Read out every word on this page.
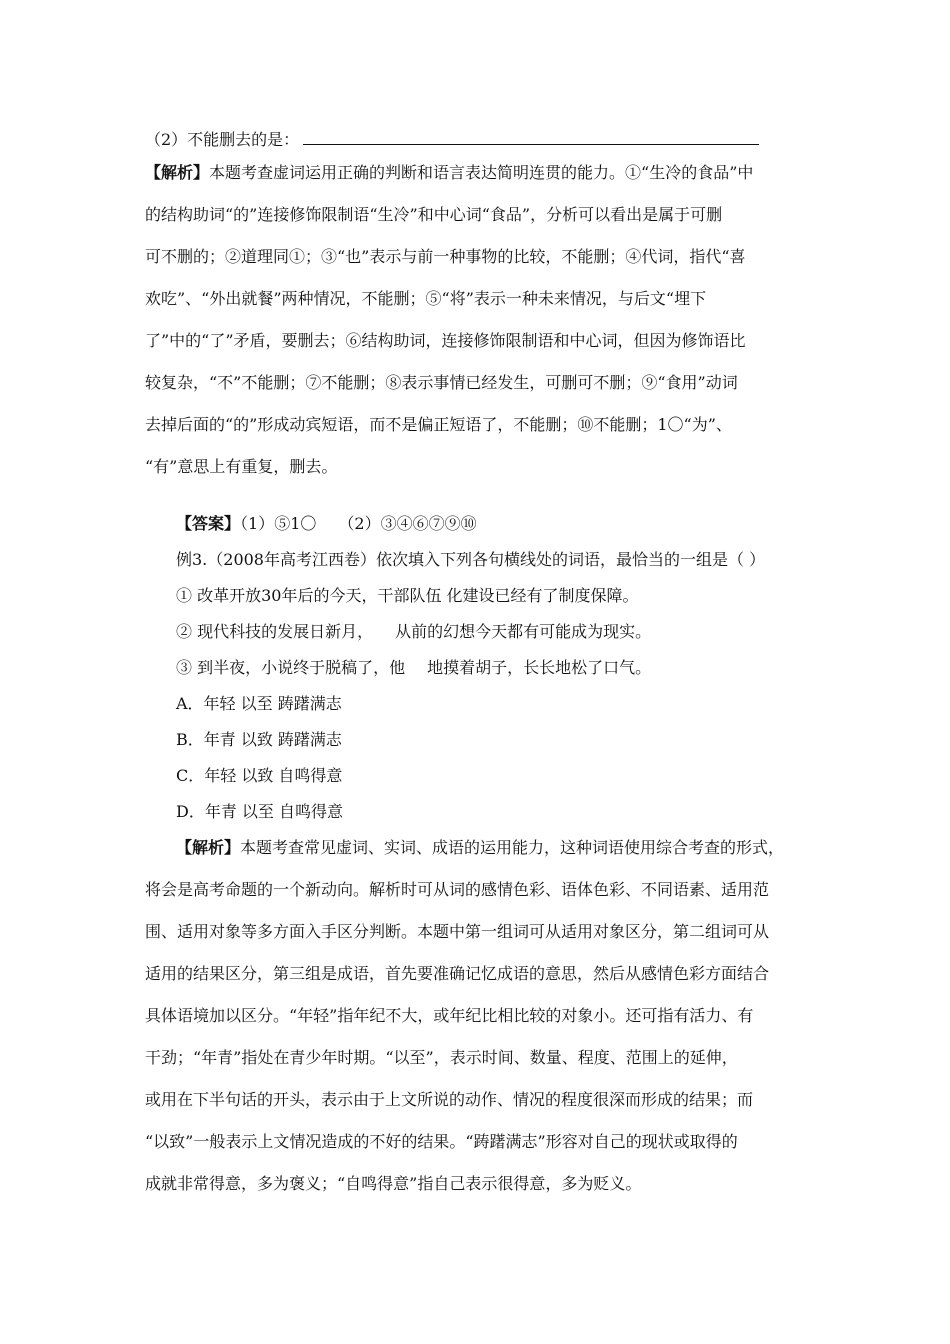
（2）不能删去的是：
【解析】本题考查虚词运用正确的判断和语言表达简明连贯的能力。①“生冷的食品”中
的结构助词“的”连接修饰限制语“生冷”和中心词“食品”，分析可以看出是属于可删
可不删的；②道理同①；③“也”表示与前一种事物的比较，不能删；④代词，指代“喜
欢吃”、“外出就餐”两种情况，不能删；⑤“将”表示一种未来情况，与后文“埋下
了”中的“了”矛盾，要删去；⑥结构助词，连接修饰限制语和中心词，但因为修饰语比
较复杂，“不”不能删；⑦不能删；⑧表示事情已经发生，可删可不删；⑨“食用”动词
去掉后面的“的”形成动宾短语，而不是偏正短语了，不能删；⑩不能删；1〇“为”、
“有”意思上有重复，删去。
【答案】（1）⑤1〇 （2）③④⑥⑦⑨⑩
例3.（2008年高考江西卷）依次填入下列各句横线处的词语，最恰当的一组是（ ）
① 改革开放30年后的今天，干部队伍 化建设已经有了制度保障。
② 现代科技的发展日新月， 从前的幻想今天都有可能成为现实。
③ 到半夜，小说终于脱稿了，他 地摸着胡子，长长地松了口气。
A．年轻 以至 踌躇满志
B．年青 以致 踌躇满志
C．年轻 以致 自鸣得意
D．年青 以至 自鸣得意
【解析】本题考查常见虚词、实词、成语的运用能力，这种词语使用综合考查的形式，
将会是高考命题的一个新动向。解析时可从词的感情色彩、语体色彩、不同语素、适用范
围、适用对象等多方面入手区分判断。本题中第一组词可从适用对象区分，第二组词可从
适用的结果区分，第三组是成语，首先要准确记忆成语的意思，然后从感情色彩方面结合
具体语境加以区分。“年轻”指年纪不大，或年纪比相比较的对象小。还可指有活力、有
干劲；“年青”指处在青少年时期。“以至”，表示时间、数量、程度、范围上的延伸，
或用在下半句话的开头，表示由于上文所说的动作、情况的程度很深而形成的结果；而
“以致”一般表示上文情况造成的不好的结果。“踌躇满志”形容对自己的现状或取得的
成就非常得意，多为褒义；“自鸣得意”指自己表示很得意，多为贬义。
